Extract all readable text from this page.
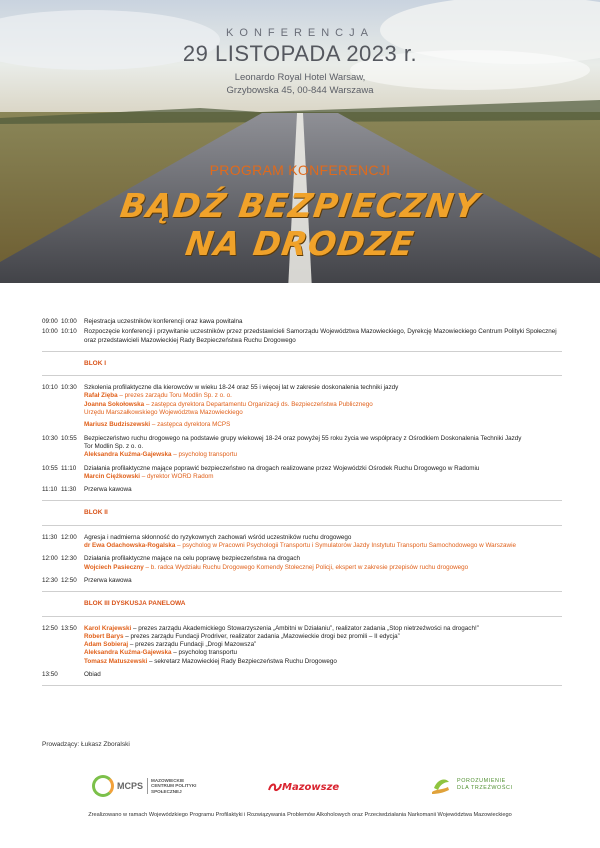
KONFERENCJA
29 LISTOPADA 2023 r.
Leonardo Royal Hotel Warsaw,
Grzybowska 45, 00-844 Warszawa
PROGRAM KONFERENCJI
BĄDŹ BEZPIECZNY
NA DRODZE
09:00 10:00	Rejestracja uczestników konferencji oraz kawa powitalna
10:00 10:10	Rozpoczęcie konferencji i przywitanie uczestników przez przedstawicieli Samorządu Województwa Mazowieckiego, Dyrekcję Mazowieckiego Centrum Polityki Społecznej
oraz przedstawicieli Mazowieckiej Rady Bezpieczeństwa Ruchu Drogowego
BLOK I
10:10 10:30	Szkolenia profilaktyczne dla kierowców w wieku 18-24 oraz 55 i więcej lat w zakresie doskonalenia techniki jazdy
Rafał Zięba – prezes zarządu Toru Modlin Sp. z o. o.
Joanna Sokołowska – zastępca dyrektora Departamentu Organizacji ds. Bezpieczeństwa Publicznego
Urzędu Marszałkowskiego Województwa Mazowieckiego
Mariusz Budziszewski – zastępca dyrektora MCPS
10:30 10:55	Bezpieczeństwo ruchu drogowego na podstawie grupy wiekowej 18-24 oraz powyżej 55 roku życia we współpracy z Ośrodkiem Doskonalenia Techniki Jazdy
Tor Modlin Sp. z o. o.
Aleksandra Kuźma-Gajewska – psycholog transportu
10:55 11:10	Działania profilaktyczne mające poprawić bezpieczeństwo na drogach realizowane przez Wojewódzki Ośrodek Ruchu Drogowego w Radomiu
Marcin Ciężkowski – dyrektor WORD Radom
11:10 11:30	Przerwa kawowa
BLOK II
11:30 12:00	Agresja i nadmierna skłonność do ryzykownych zachowań wśród uczestników ruchu drogowego
dr Ewa Odachowska-Rogalska – psycholog w Pracowni Psychologii Transportu i Symulatorów Jazdy Instytutu Transportu Samochodowego w Warszawie
12:00 12:30	Działania profilaktyczne mające na celu poprawę bezpieczeństwa na drogach
Wojciech Pasieczny – b. radca Wydziału Ruchu Drogowego Komendy Stołecznej Policji, ekspert w zakresie przepisów ruchu drogowego
12:30 12:50	Przerwa kawowa
BLOK III DYSKUSJA PANELOWA
12:50 13:50	Karol Krajewski – prezes zarządu Akademickiego Stowarzyszenia „Ambitni w Działaniu”, realizator zadania „Stop nietrzeźwości na drogach!”
Robert Barys – prezes zarządu Fundacji Prodriver, realizator zadania „Mazowieckie drogi bez promili – II edycja”
Adam Sobieraj – prezes zarządu Fundacji „Drogi Mazowsza”
Aleksandra Kuźma-Gajewska – psycholog transportu
Tomasz Matuszewski – sekretarz Mazowieckiej Rady Bezpieczeństwa Ruchu Drogowego
13:50	Obiad
Prowadzący: Łukasz Zboralski
MCPS
MAZOWIECKIE
CENTRUM POLITYKI
SPOŁECZNEJ	Mazowsze
POROZUMIENIE
DLA TRZEŹWOŚCI
Zrealizowano w ramach Wojewódzkiego Programu Profilaktyki i Rozwiązywania Problemów Alkoholowych oraz Przeciwdziałania Narkomanii Województwa Mazowieckiego
